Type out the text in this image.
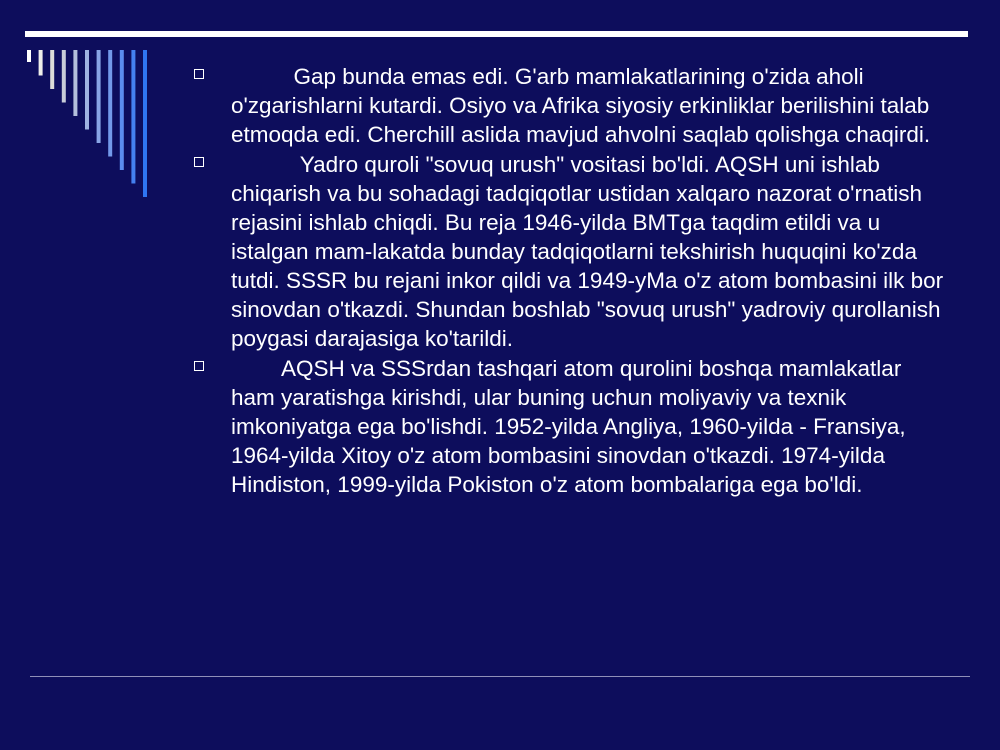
Gap bunda emas edi. G'arb mamlakatlarining o'zida aholi o'zgarishlarni kutardi. Osiyo va Afrika siyosiy erkinliklar berilishini talab etmoqda edi. Cherchill aslida mavjud ahvolni saqlab qolishga chaqirdi.

Yadro quroli "sovuq urush" vositasi bo'ldi. AQSH uni ishlab chiqarish va bu sohadagi tadqiqotlar ustidan xalqaro nazorat o'rnatish rejasini ishlab chiqdi. Bu reja 1946-yilda BMTga taqdim etildi va u istalgan mam-lakatda bunday tadqiqotlarni tekshirish huquqini ko'zda tutdi. SSSR bu rejani inkor qildi va 1949-yMa o'z atom bombasini ilk bor sinovdan o'tkazdi. Shundan boshlab "sovuq urush" yadroviy qurollanish poygasi darajasiga ko'tarildi.

AQSH va SSSrdan tashqari atom qurolini boshqa mamlakatlar ham yaratishga kirishdi, ular buning uchun moliyaviy va texnik imkoniyatga ega bo'lishdi. 1952-yilda Angliya, 1960-yilda - Fransiya, 1964-yilda Xitoy o'z atom bombasini sinovdan o'tkazdi. 1974-yilda Hindiston, 1999-yilda Pokiston o'z atom bombalariga ega bo'ldi.
